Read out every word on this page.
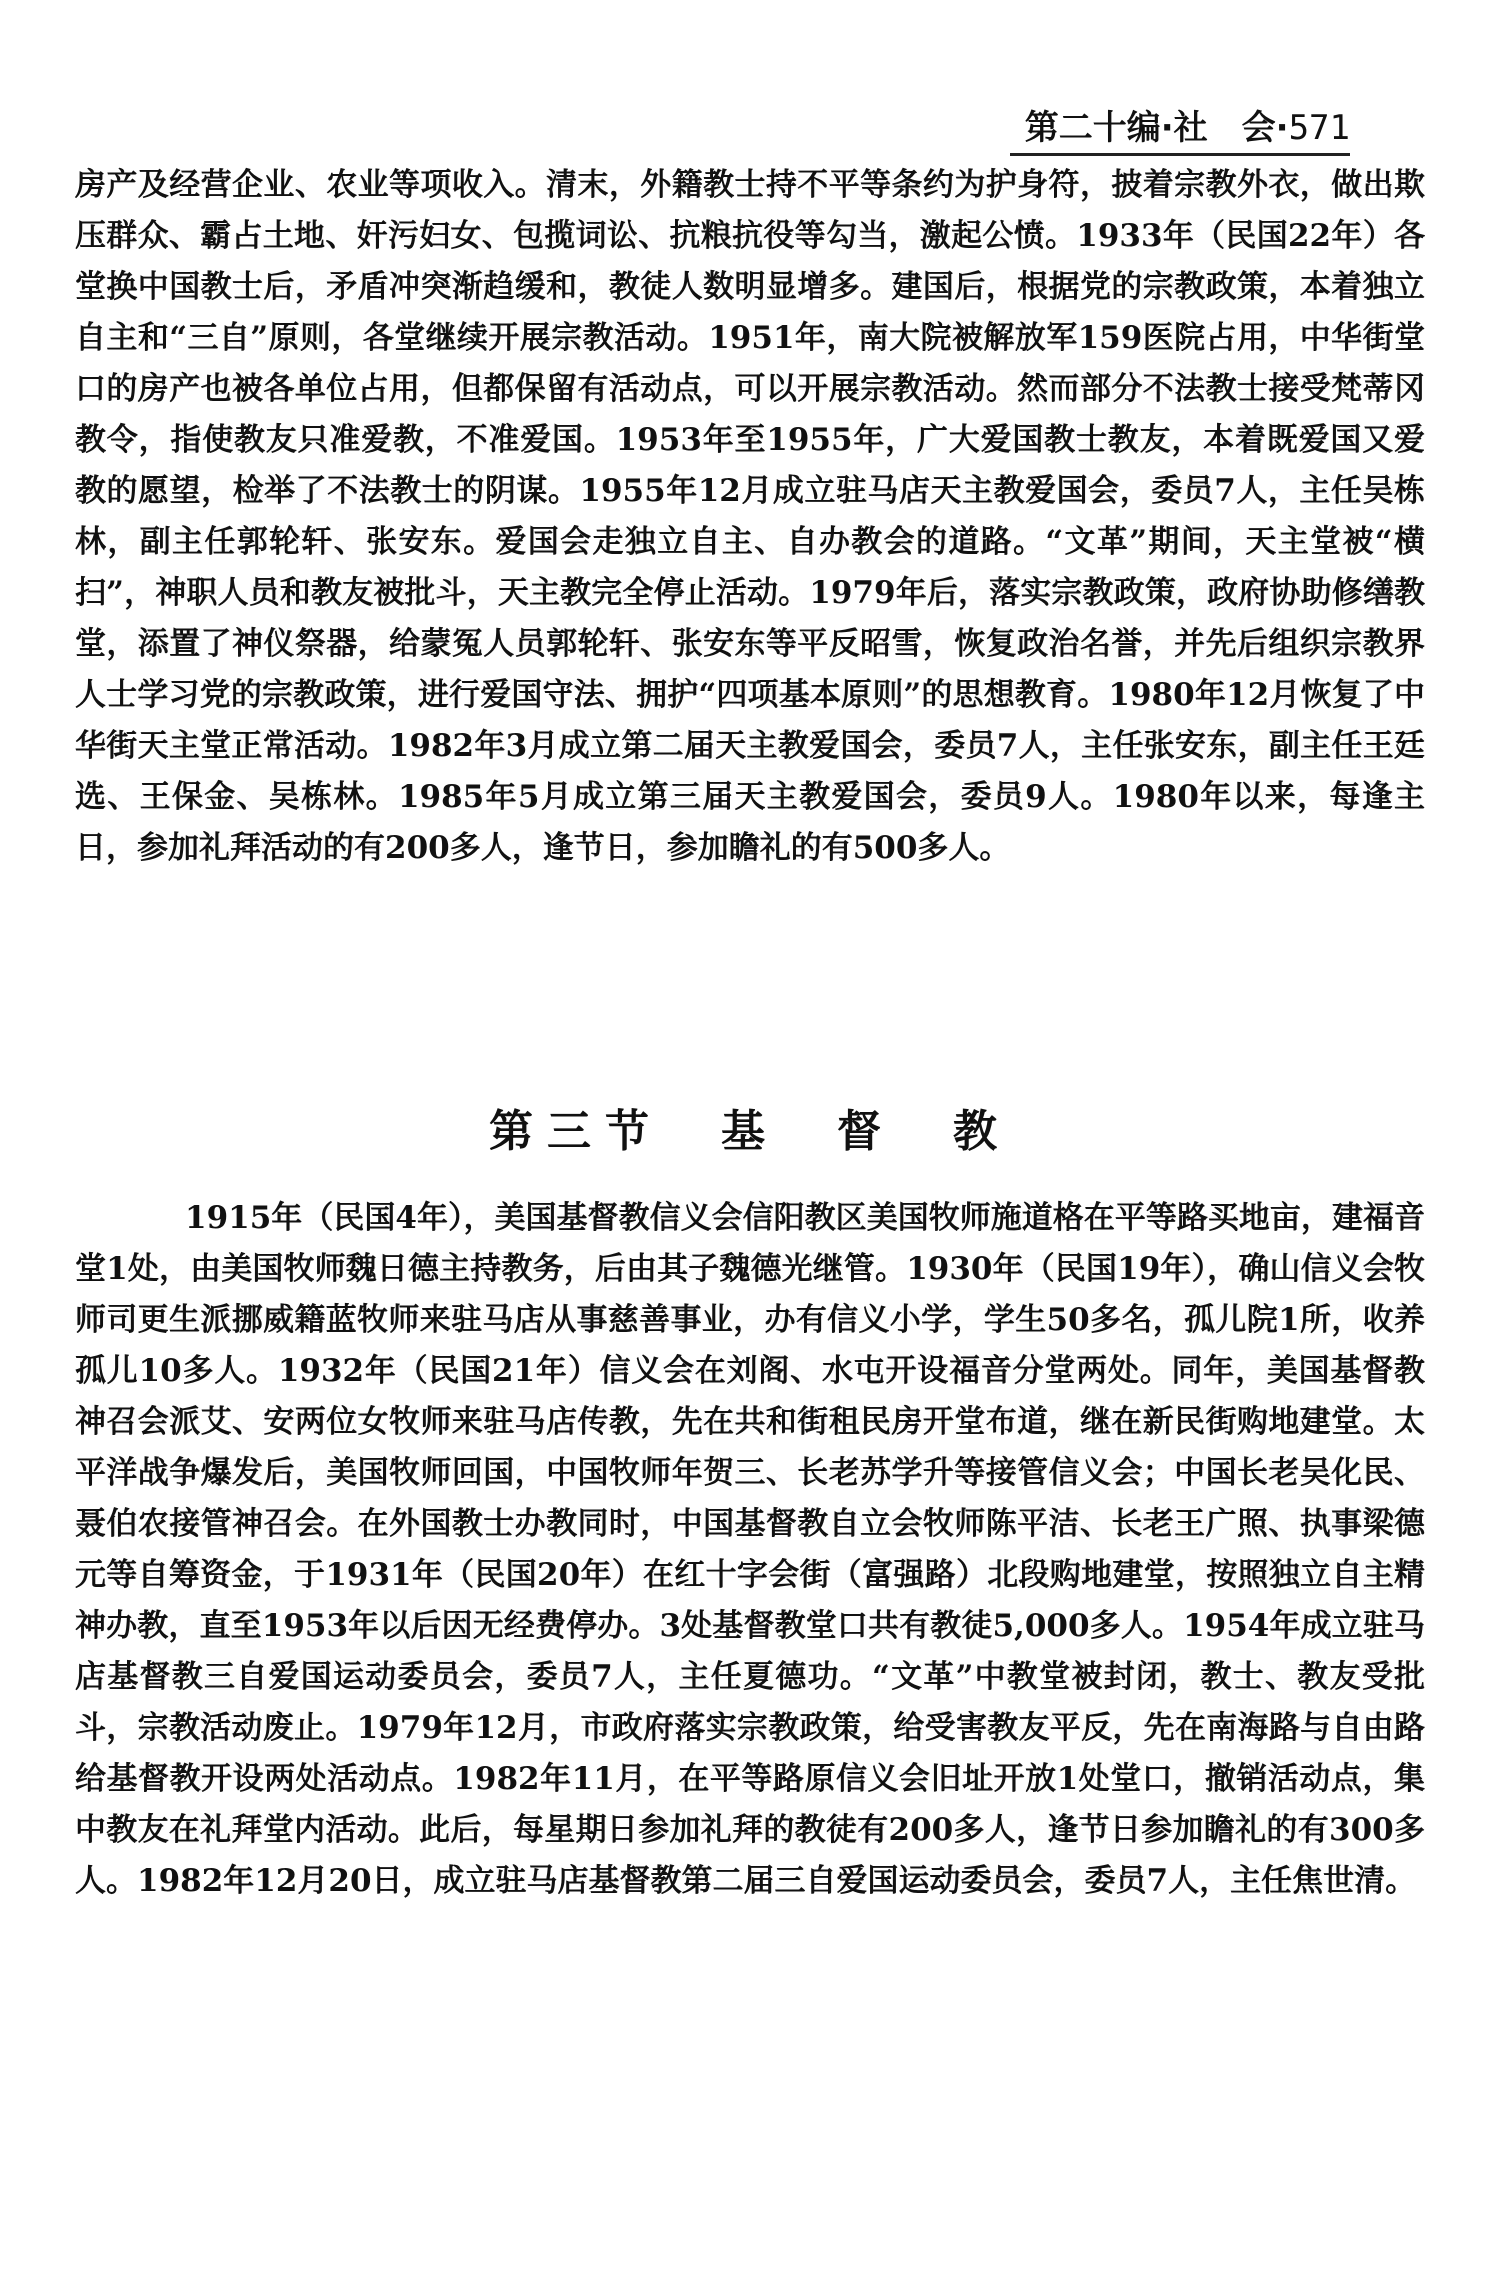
第二十编·社　会·571

房产及经营企业、农业等项收入。清末，外籍教士持不平等条约为护身符，披着宗教外衣，做出欺压群众、霸占土地、奸污妇女、包揽词讼、抗粮抗役等勾当，激起公愤。1933年（民国22年）各堂换中国教士后，矛盾冲突渐趋缓和，教徒人数明显增多。建国后，根据党的宗教政策，本着独立自主和“三自”原则，各堂继续开展宗教活动。1951年，南大院被解放军159医院占用，中华街堂口的房产也被各单位占用，但都保留有活动点，可以开展宗教活动。然而部分不法教士接受梵蒂冈教令，指使教友只准爱教，不准爱国。1953年至1955年，广大爱国教士教友，本着既爱国又爱教的愿望，检举了不法教士的阴谋。1955年12月成立驻马店天主教爱国会，委员7人，主任吴栋林，副主任郭轮轩、张安东。爱国会走独立自主、自办教会的道路。“文革”期间，天主堂被“横扫”，神职人员和教友被批斗，天主教完全停止活动。1979年后，落实宗教政策，政府协助修缮教堂，添置了神仪祭器，给蒙冤人员郭轮轩、张安东等平反昭雪，恢复政治名誉，并先后组织宗教界人士学习党的宗教政策，进行爱国守法、拥护“四项基本原则”的思想教育。1980年12月恢复了中华街天主堂正常活动。1982年3月成立第二届天主教爱国会，委员7人，主任张安东，副主任王廷选、王保金、吴栋林。1985年5月成立第三届天主教爱国会，委员9人。1980年以来，每逢主日，参加礼拜活动的有200多人，逢节日，参加瞻礼的有500多人。

第三节　基　督　教

1915年（民国4年），美国基督教信义会信阳教区美国牧师施道格在平等路买地亩，建福音堂1处，由美国牧师魏日德主持教务，后由其子魏德光继管。1930年（民国19年），确山信义会牧师司更生派挪威籍蓝牧师来驻马店从事慈善事业，办有信义小学，学生50多名，孤儿院1所，收养孤儿10多人。1932年（民国21年）信义会在刘阁、水屯开设福音分堂两处。同年，美国基督教神召会派艾、安两位女牧师来驻马店传教，先在共和街租民房开堂布道，继在新民街购地建堂。太平洋战争爆发后，美国牧师回国，中国牧师年贺三、长老苏学升等接管信义会；中国长老吴化民、聂伯农接管神召会。在外国教士办教同时，中国基督教自立会牧师陈平洁、长老王广照、执事梁德元等自筹资金，于1931年（民国20年）在红十字会街（富强路）北段购地建堂，按照独立自主精神办教，直至1953年以后因无经费停办。3处基督教堂口共有教徒5,000多人。1954年成立驻马店基督教三自爱国运动委员会，委员7人，主任夏德功。“文革”中教堂被封闭，教士、教友受批斗，宗教活动废止。1979年12月，市政府落实宗教政策，给受害教友平反，先在南海路与自由路给基督教开设两处活动点。1982年11月，在平等路原信义会旧址开放1处堂口，撤销活动点，集中教友在礼拜堂内活动。此后，每星期日参加礼拜的教徒有200多人，逢节日参加瞻礼的有300多人。1982年12月20日，成立驻马店基督教第二届三自爱国运动委员会，委员7人，主任焦世清。
